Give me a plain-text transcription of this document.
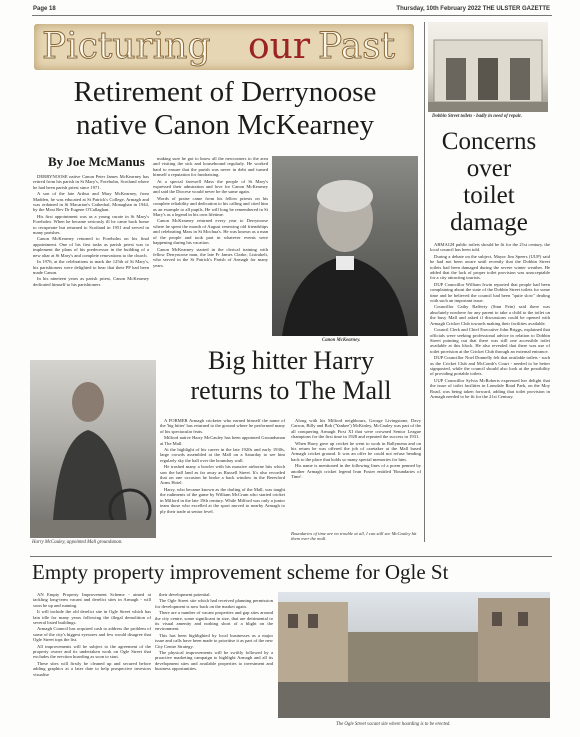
Page 18	Thursday, 10th February 2022 THE ULSTER GAZETTE
Picturing our Past
Retirement of Derrynoose
native Canon McKearney
By Joe McManus

DERRYNOOSE native Canon Peter James McKearney has retired from his parish in St Mary's, Foreholm, Scotland where he had been parish priest since 1971.

A son of the late Arthur and Mary McKearney, from Madden, he was educated at St Patrick's College, Armagh and was ordained in St Macartan's Cathedral, Monaghan in 1944, by the Most Rev Dr Eugene O'Callaghan.

His first appointment was as a young curate in St Mary's Foreholm. When he became seriously ill he came back home to recuperate but returned to Scotland in 1951 and served in many parishes.

Canon McKearney returned to Foreholm on his final appointment. One of his first tasks as parish priest was to implement the plans of his predecessor in the building of a new altar at St Mary's and complete renovations to the church.

In 1976, at the celebrations to mark the 125th of St Mary's, his parishioners were delighted to hear that their PP had been made Canon.

In his nineteen years as parish priest, Canon McKearney dedicated himself to his parishioners

making sure he got to know all the newcomers to the area and visiting the sick and housebound regularly. He worked hard to ensure that the parish was never in debt and turned himself a reputation for fundraising.

At a special farewell Mass the people of St Mary's expressed their admiration and love for Canon McKearney and said the Diocese would never be the same again.

Words of praise came from his fellow priests on his complete reliability and dedication to his calling and cited him as an example to all pupils. He will long be remembered in St Mary's as a legend in his own lifetime.

Canon McKearney returned every year to Derrynoose where he spent the month of August renewing old friendships and celebrating Mass in St Mochua's. He was known as a man of the people and took part in whatever events were happening during his vacation.

Canon McKearney started in the clerical training with fellow Derrynoose man, the late Fr James Clarke, Listrakelt, who served in the St Patrick's Parish of Armagh for many years.

Canon McKearney.
Dobbin Street toilets - badly in need of repair.
Concerns
over
toilet
damage

ARMAGH public toilets should be fit for the 21st century, the local council has been told.

During a debate on the subject, Mayor Jim Speers (UUP) said he had not been aware until recently that the Dobbin Street toilets had been damaged during the severe winter weather. He added that the lack of proper toilet provision was unacceptable for a city attracting tourists.

DUP Councillor William Irwin reported that people had been complaining about the state of the Dobbin Street toilets for some time and he believed the council had been "quite slow" dealing with such an important issue.

Councillor Cathy Rafferty (Sinn Fein) said there was absolutely nowhere for any parent to take a child to the toilet on the busy Mall and asked if discussions could be opened with Armagh Cricket Club towards making their facilities available.

Council Clerk and Chief Executive John Briggs, explained that officials were seeking professional advice in relation to Dobbin Street pointing out that there was still one accessible toilet available at this block. He also revealed that there was use of toilet provision at the Cricket Club through an external entrance.

DUP Councillor Noel Donnelly felt that available toilets - such as the Cricket Club and McComb's Court - needed to be better signposted, while the council should also look at the possibility of providing portable toilets.

UUP Councillor Sylvia McRoberts expressed her delight that the issue of toilet facilities in Lonsdale Road Park, on the Moy Road, was being taken forward, adding that toilet provision in Armagh needed to be fit for the 21st Century.

Big hitter Harry
returns to The Mall
Harry McCauley, appointed Mall groundsman.

A FORMER Armagh cricketer who earned himself the name of the 'big hitter' has returned to the ground where he performed many of his spectacular feats.

Milford native Harry McCauley has been appointed Groundsman at The Mall.

At the highlight of his career in the late 1920s and early 1930s, large crowds assembled at the Mall on a Saturday to see him regularly sky the ball over the boundary wall.

He trashed many a bowler with his massive airborne hits which saw the ball land as far away as Russell Street. It's also recorded that on one occasion he broke a back window in the Beresford Arms Hotel.

Harry, who became known as the darling of the Mall, was taught the rudiments of the game by William McCrum who started cricket in Milford in the late 19th century. While Milford was only a junior team those who excelled at the sport moved to nearby Armagh to ply their trade at senior level.

Along with his Milford neighbours, George Livingstone, Davy Carson, Billy and Bob ('Yankee') McKinley, McCauley was part of the all conquering Armagh First XI that were crowned Senior League champions for the first time in 1928 and repeated the success in 1931.

When Harry gave up cricket he went to work in Ballymena and on his return he was offered the job of caretaker at the Mall based Armagh cricket ground. It was an offer he could not refuse heading back to the place that holds so many special memories for him.

His name is mentioned in the following lines of a poem penned by another Armagh cricket legend Ivan Foster entitled 'Boundaries of Time'.

Boundaries of time are no trouble at all, I can still see McCauley hit them over the mall.
Empty property improvement scheme for Ogle St

AN Empty Property Improvement Scheme - aimed at tackling long-term vacant and derelict sites in Armagh - will soon be up and running.

It will include the old derelict site in Ogle Street which has lain idle for many years following the illegal demolition of several listed buildings.

Armagh Council has acquired cash to address the problem of some of the city's biggest eyesores and few would disagree that Ogle Street tops the list.

All improvements will be subject to the agreement of the property owner and its undertaken work on Ogle Street that excludes the erection hoarding as soon to start.

These sites will firstly be cleaned up and secured before adding graphics at a later date to help prospective investors visualise

their development potential.

The Ogle Street site which had received planning permission for development is now back on the market again.

There are a number of vacant properties and gap sites around the city centre, some significant in size, that are detrimental to its visual amenity and nothing short of a blight on the environment.

This has been highlighted by local businesses as a major issue and calls have been made to prioritise it as part of the new City Centre Strategy.

The physical improvements will be swiftly followed by a proactive marketing campaign to highlight Armagh and all its development sites and available properties to investment and business opportunities.

The Ogle Street vacant site where hoarding is to be erected.
